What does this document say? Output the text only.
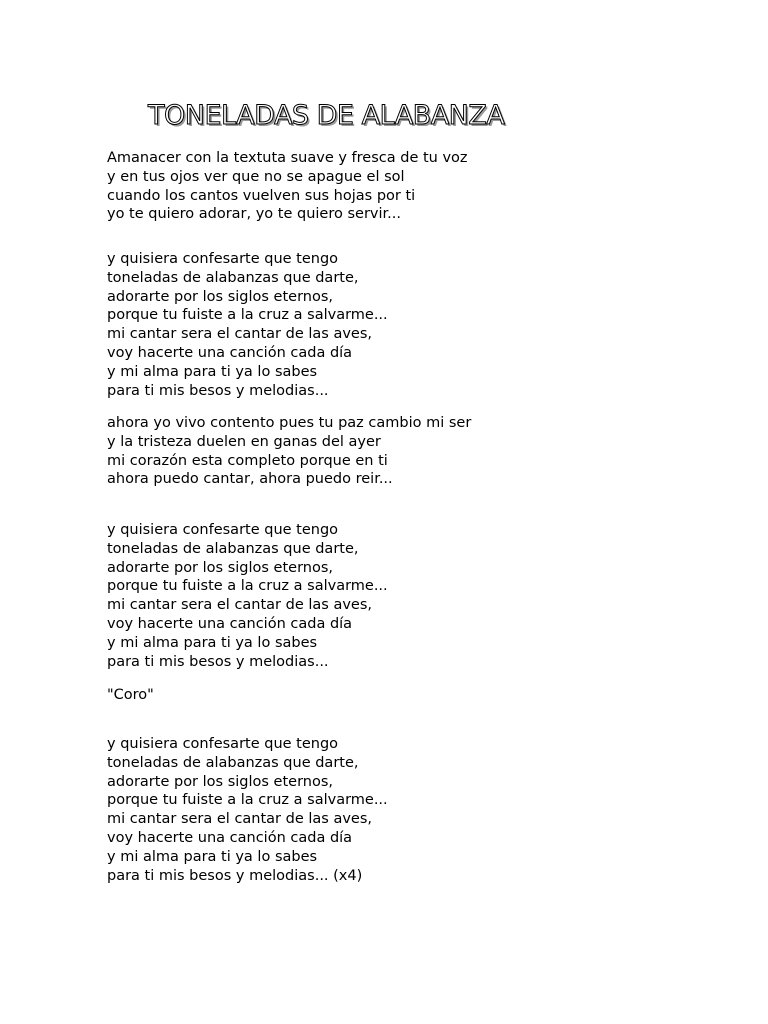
TONELADAS DE ALABANZA
Amanacer con la textuta suave y fresca de tu voz
y en tus ojos ver que no se apague el sol
cuando los cantos vuelven sus hojas por ti
yo te quiero adorar, yo te quiero servir...
y quisiera confesarte que tengo
toneladas de alabanzas que darte,
adorarte por los siglos eternos,
porque tu fuiste a la cruz a salvarme...
mi cantar sera el cantar de las aves,
voy hacerte una canción cada día
y mi alma para ti ya lo sabes
para ti mis besos y melodias...
ahora yo vivo contento pues tu paz cambio mi ser
y la tristeza duelen en ganas del ayer
mi corazón esta completo porque en ti
ahora puedo cantar, ahora puedo reir...
y quisiera confesarte que tengo
toneladas de alabanzas que darte,
adorarte por los siglos eternos,
porque tu fuiste a la cruz a salvarme...
mi cantar sera el cantar de las aves,
voy hacerte una canción cada día
y mi alma para ti ya lo sabes
para ti mis besos y melodias...
"Coro"
y quisiera confesarte que tengo
toneladas de alabanzas que darte,
adorarte por los siglos eternos,
porque tu fuiste a la cruz a salvarme...
mi cantar sera el cantar de las aves,
voy hacerte una canción cada día
y mi alma para ti ya lo sabes
para ti mis besos y melodias... (x4)
